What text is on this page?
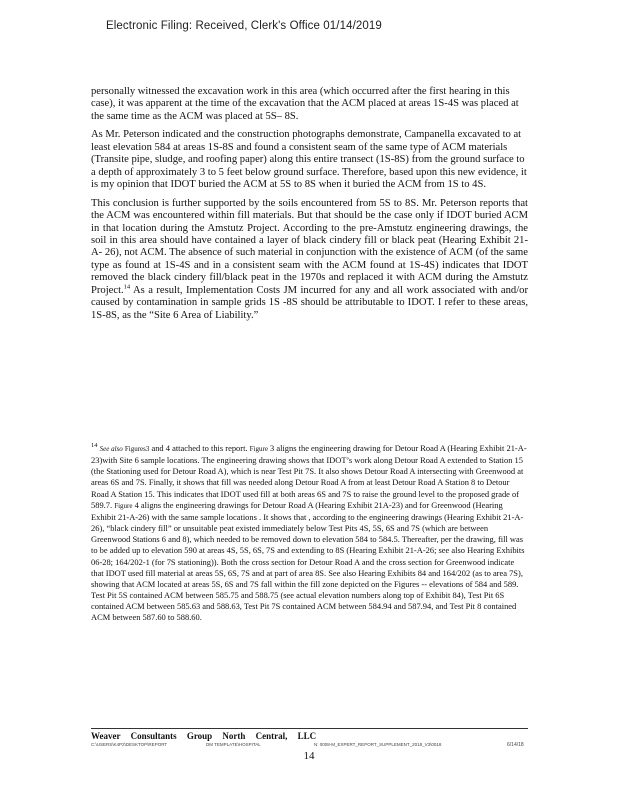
Electronic Filing: Received, Clerk's Office 01/14/2019

personally witnessed the excavation work in this area (which occurred after the first hearing in this case), it was apparent at the time of the excavation that the ACM placed at areas 1S-4S was placed at the same time as the ACM was placed at 5S– 8S.

As Mr. Peterson indicated and the construction photographs demonstrate, Campanella excavated to at least elevation 584 at areas 1S-8S and found a consistent seam of the same type of ACM materials (Transite pipe, sludge, and roofing paper) along this entire transect (1S-8S) from the ground surface to a depth of approximately 3 to 5 feet below ground surface. Therefore, based upon this new evidence, it is my opinion that IDOT buried the ACM at 5S to 8S when it buried the ACM from 1S to 4S.

This conclusion is further supported by the soils encountered from 5S to 8S. Mr. Peterson reports that the ACM was encountered within fill materials. But that should be the case only if IDOT buried ACM in that location during the Amstutz Project. According to the pre-Amstutz engineering drawings, the soil in this area should have contained a layer of black cindery fill or black peat (Hearing Exhibit 21-A- 26), not ACM. The absence of such material in conjunction with the existence of ACM (of the same type as found at 1S-4S and in a consistent seam with the ACM found at 1S-4S) indicates that IDOT removed the black cindery fill/black peat in the 1970s and replaced it with ACM during the Amstutz Project.$^{14}$ As a result, Implementation Costs JM incurred for any and all work associated with and/or caused by contamination in sample grids 1S -8S should be attributable to IDOT. I refer to these areas, 1S-8S, as the “Site 6 Area of Liability.”

$^{14}$ See also Figures3 and 4 attached to this report. Figure 3 aligns the engineering drawing for Detour Road A (Hearing Exhibit 21-A-23)with Site 6 sample locations. The engineering drawing shows that IDOT’s work along Detour Road A extended to Station 15 (the Stationing used for Detour Road A), which is near Test Pit 7S. It also shows Detour Road A intersecting with Greenwood at areas 6S and 7S. Finally, it shows that fill was needed along Detour Road A from at least Detour Road A Station 8 to Detour Road A Station 15. This indicates that IDOT used fill at both areas 6S and 7S to raise the ground level to the proposed grade of 589.7. Figure 4 aligns the engineering drawings for Detour Road A (Hearing Exhibit 21A-23) and for Greenwood (Hearing Exhibit 21-A-26) with the same sample locations . It shows that , according to the engineering drawings (Hearing Exhibit 21-A-26), “black cindery fill” or unsuitable peat existed immediately below Test Pits 4S, 5S, 6S and 7S (which are between Greenwood Stations 6 and 8), which needed to be removed down to elevation 584 to 584.5. Thereafter, per the drawing, fill was to be added up to elevation 590 at areas 4S, 5S, 6S, 7S and extending to 8S (Hearing Exhibit 21-A-26; see also Hearing Exhibits 06-28; 164/202-1 (for 7S stationing)). Both the cross section for Detour Road A and the cross section for Greenwood indicate that IDOT used fill material at areas 5S, 6S, 7S and at part of area 8S. See also Hearing Exhibits 84 and 164/202 (as to area 7S), showing that ACM located at areas 5S, 6S and 7S fall within the fill zone depicted on the Figures -- elevations of 584 and 589. Test Pit 5S contained ACM between 585.75 and 588.75 (see actual elevation numbers along top of Exhibit 84), Test Pit 6S contained ACM between 585.63 and 588.63, Test Pit 7S contained ACM between 584.94 and 587.94, and Test Pit 8 contained ACM between 587.60 to 588.60.
Weaver Consultants Group North Central, LLC
C:\USERS\K4P2\DESKTOP\REPORT	DM TEMPLATE\HOSPITAL	N: 0008-M_EXPERT_REPORT_SUPPLEMENT_2018_V3\0018	6/14/18
14
